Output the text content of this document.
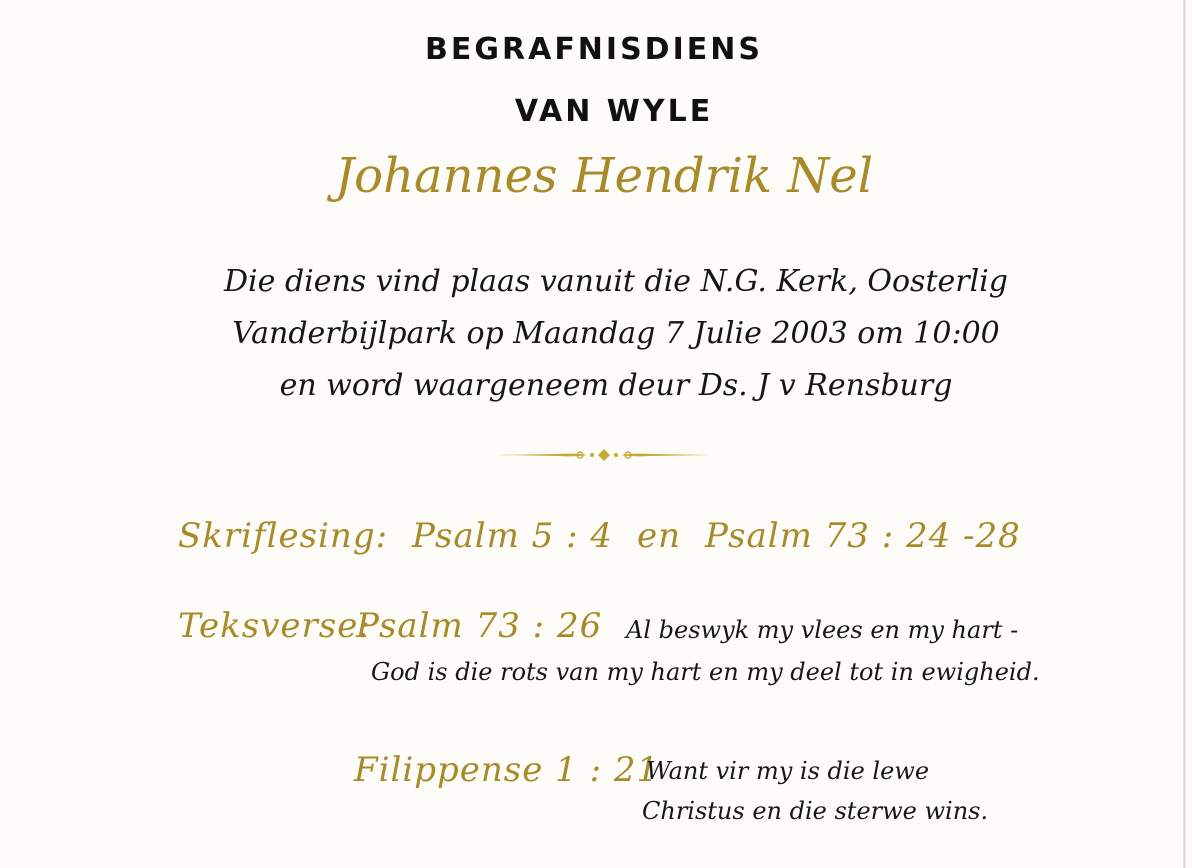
BEGRAFNISDIENS
VAN WYLE
Johannes Hendrik Nel
Die diens vind plaas vanuit die N.G. Kerk, Oosterlig
Vanderbijlpark op Maandag 7 Julie 2003 om 10:00
en word waargeneem deur Ds. J v Rensburg
Skriflesing: Psalm 5 : 4 en Psalm 73 : 24 -28
Teksverse:
Psalm 73 : 26 Al beswyk my vlees en my hart -
God is die rots van my hart en my deel tot in ewigheid.
Filippense 1 : 21
Want vir my is die lewe
Christus en die sterwe wins.
